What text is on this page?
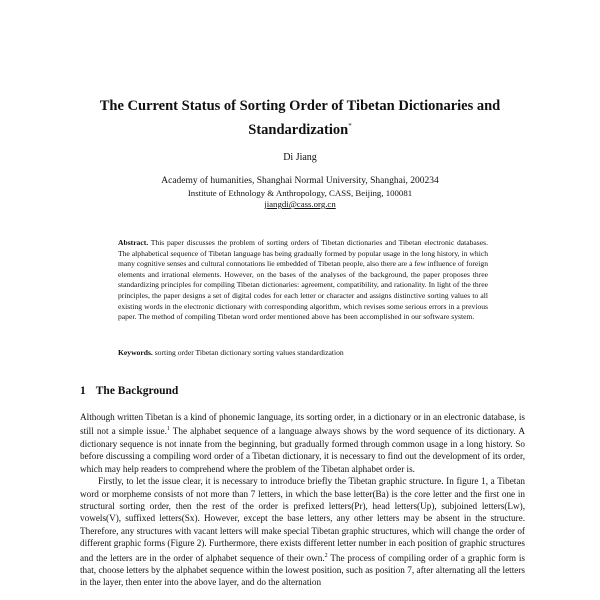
The Current Status of Sorting Order of Tibetan Dictionaries and Standardization*
Di Jiang
Academy of humanities, Shanghai Normal University, Shanghai, 200234
Institute of Ethnology & Anthropology, CASS, Beijing, 100081
jiangdi@cass.org.cn
Abstract. This paper discusses the problem of sorting orders of Tibetan dictionaries and Tibetan electronic databases. The alphabetical sequence of Tibetan language has being gradually formed by popular usage in the long history, in which many cognitive senses and cultural connotations lie embedded of Tibetan people, also there are a few influence of foreign elements and irrational elements. However, on the bases of the analyses of the background, the paper proposes three standardizing principles for compiling Tibetan dictionaries: agreement, compatibility, and rationality. In light of the three principles, the paper designs a set of digital codes for each letter or character and assigns distinctive sorting values to all existing words in the electronic dictionary with corresponding algorithm, which revises some serious errors in a previous paper. The method of compiling Tibetan word order mentioned above has been accomplished in our software system.
Keywords. sorting order Tibetan dictionary sorting values standardization
1 The Background

Although written Tibetan is a kind of phonemic language, its sorting order, in a dictionary or in an electronic database, is still not a simple issue.$^1$ The alphabet sequence of a language always shows by the word sequence of its dictionary. A dictionary sequence is not innate from the beginning, but gradually formed through common usage in a long history. So before discussing a compiling word order of a Tibetan dictionary, it is necessary to find out the development of its order, which may help readers to comprehend where the problem of the Tibetan alphabet order is.

Firstly, to let the issue clear, it is necessary to introduce briefly the Tibetan graphic structure. In figure 1, a Tibetan word or morpheme consists of not more than 7 letters, in which the base letter(Ba) is the core letter and the first one in structural sorting order, then the rest of the order is prefixed letters(Pr), head letters(Up), subjoined letters(Lw), vowels(V), suffixed letters(Sx). However, except the base letters, any other letters may be absent in the structure. Therefore, any structures with vacant letters will make special Tibetan graphic structures, which will change the order of different graphic forms (Figure 2). Furthermore, there exists different letter number in each position of graphic structures and the letters are in the order of alphabet sequence of their own.$^2$ The process of compiling order of a graphic form is that, choose letters by the alphabet sequence within the lowest position, such as position 7, after alternating all the letters in the layer, then enter into the above layer, and do the alternation
